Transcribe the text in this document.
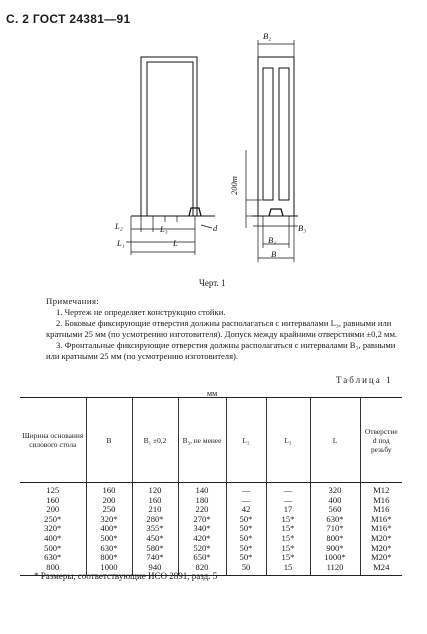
С. 2 ГОСТ 24381—91
B₂
200m
L₂	L₃
L₁	L
d	B₃
B₁
B
Черт. 1

Примечания:

1. Чертеж не определяет конструкцию стойки.

2. Боковые фиксирующие отверстия должны располагаться с интервалами L₃, равными или кратными 25 мм (по усмотрению изготовителя). Допуск между крайними отверстиями ±0,2 мм.

3. Фронтальные фиксирующие отверстия должны располагаться с интервалами B₃, равными или кратными 25 мм (по усмотрению изготовителя).

Таблица 1
мм
Ширина основания силового стола	B	B₁ ±0,2	B₃, не менее	L₂	L₃	L	Отверстие d под резьбу
125	160	120	140	—	—	320	М12
160	200	160	180	—	—	400	М16
200	250	210	220	42	17	560	М16
250*	320*	280*	270*	50*	15*	630*	М16*
320*	400*	355*	340*	50*	15*	710*	М16*
400*	500*	450*	420*	50*	15*	800*	М20*
500*	630*	580*	520*	50*	15*	900*	М20*
630*	800*	740*	650*	50*	15*	1000*	М20*
800	1000	940	820	50	15	1120	М24
* Размеры, соответствующие ИСО 2891, разд. 5
